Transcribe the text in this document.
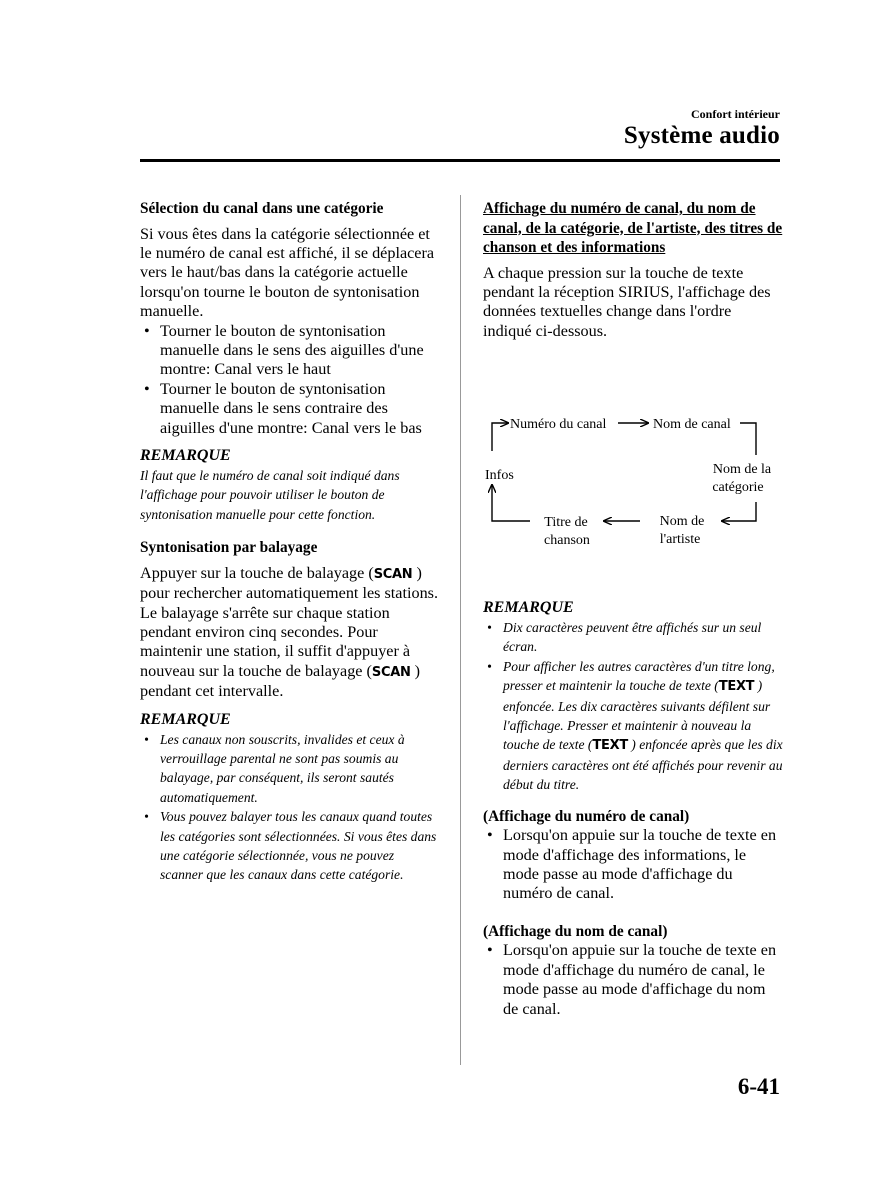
Confort intérieur
Système audio
Sélection du canal dans une catégorie

Si vous êtes dans la catégorie sélectionnée et le numéro de canal est affiché, il se déplacera vers le haut/bas dans la catégorie actuelle lorsqu'on tourne le bouton de syntonisation manuelle.

• Tourner le bouton de syntonisation manuelle dans le sens des aiguilles d'une montre: Canal vers le haut
• Tourner le bouton de syntonisation manuelle dans le sens contraire des aiguilles d'une montre: Canal vers le bas
REMARQUE

Il faut que le numéro de canal soit indiqué dans l'affichage pour pouvoir utiliser le bouton de syntonisation manuelle pour cette fonction.

Syntonisation par balayage

Appuyer sur la touche de balayage (SCAN ) pour rechercher automatiquement les stations. Le balayage s'arrête sur chaque station pendant environ cinq secondes. Pour maintenir une station, il suffit d'appuyer à nouveau sur la touche de balayage (SCAN ) pendant cet intervalle.

REMARQUE
• Les canaux non souscrits, invalides et ceux à verrouillage parental ne sont pas soumis au balayage, par conséquent, ils seront sautés automatiquement.
• Vous pouvez balayer tous les canaux quand toutes les catégories sont sélectionnées. Si vous êtes dans une catégorie sélectionnée, vous ne pouvez scanner que les canaux dans cette catégorie.
Affichage du numéro de canal, du nom de canal, de la catégorie, de l'artiste, des titres de chanson et des informations

A chaque pression sur la touche de texte pendant la réception SIRIUS, l'affichage des données textuelles change dans l'ordre indiqué ci-dessous.

Numéro du canal	Nom de canal
Infos	Nom de la
catégorie
Nom de
l'artiste
Titre de
chanson
REMARQUE
• Dix caractères peuvent être affichés sur un seul écran.
• Pour afficher les autres caractères d'un titre long, presser et maintenir la touche de texte (TEXT ) enfoncée. Les dix caractères suivants défilent sur l'affichage. Presser et maintenir à nouveau la touche de texte (TEXT ) enfoncée après que les dix derniers caractères ont été affichés pour revenir au début du titre.
(Affichage du numéro de canal)
• Lorsqu'on appuie sur la touche de texte en mode d'affichage des informations, le mode passe au mode d'affichage du numéro de canal.
(Affichage du nom de canal)
• Lorsqu'on appuie sur la touche de texte en mode d'affichage du numéro de canal, le mode passe au mode d'affichage du nom de canal.
6-41
